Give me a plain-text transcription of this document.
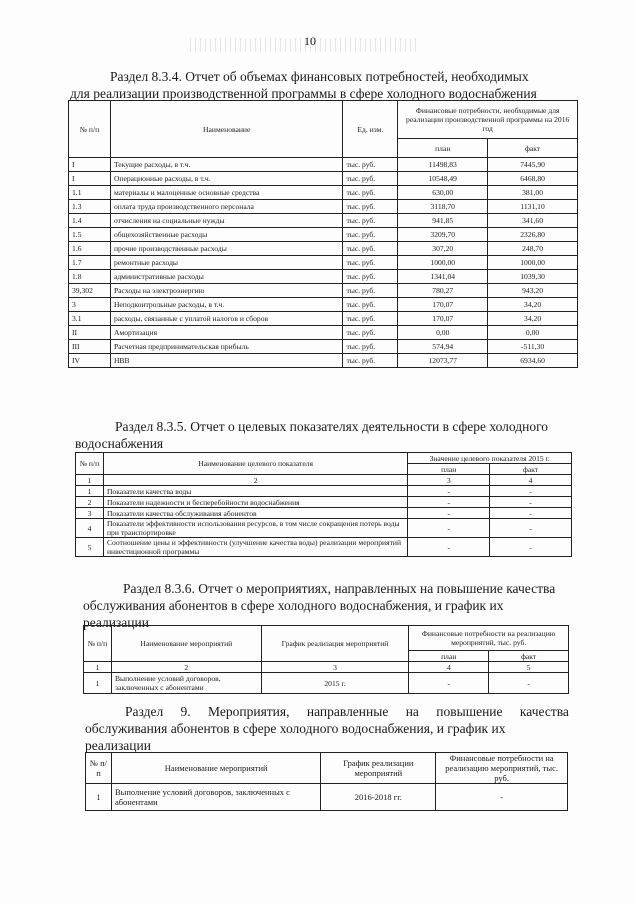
10
Раздел 8.3.4. Отчет об объемах финансовых потребностей, необходимых
для реализации производственной программы в сфере холодного водоснабжения
№ п/п	Наименование	Ед. изм.	Финансовые потребности, необходимые для реализации производственной программы на 2016 год	
			план	факт
I	Текущие расходы, в т.ч.	тыс. руб.	11498,83	7445,90
I	Операционные расходы, в т.ч.	тыс. руб.	10548,49	6468,80
1.1	материалы и малоценные основные средства	тыс. руб.	630,00	381,00
1.3	оплата труда производственного персонала	тыс. руб.	3118,70	1131,10
1.4	отчисления на социальные нужды	тыс. руб.	941,85	341,60
1.5	общехозяйственные расходы	тыс. руб.	3209,70	2326,80
1.6	прочие производственные расходы	тыс. руб.	307,20	248,70
1.7	ремонтные расходы	тыс. руб.	1000,00	1000,00
1.8	административные расходы	тыс. руб.	1341,04	1039,30
39,302	Расходы на электроэнергию	тыс. руб.	780,27	943,20
3	Неподконтрольные расходы, в т.ч.	тыс. руб.	170,07	34,20
3.1	расходы, связанные с уплатой налогов и сборов	тыс. руб.	170,07	34,20
II	Амортизация	тыс. руб.	0,00	0,00
III	Расчетная предпринимательская прибыль	тыс. руб.	574,94	-511,30
IV	НВВ	тыс. руб.	12073,77	6934,60
Раздел 8.3.5. Отчет о целевых показателях деятельности в сфере холодного
водоснабжения
№ п/п	Наименование целевого показателя	Значение целевого показателя 2015 г.	
		план	факт
1	2	3	4
1	Показатели качества воды	-	-
2	Показатели надежности и бесперебойности водоснабжения	-	-
3	Показатели качества обслуживания абонентов	-	-
4	Показатели эффективности использования ресурсов, в том числе сокращения потерь воды при транспортировке	-	-
5	Соотношение цены и эффективности (улучшение качества воды) реализации мероприятий инвестиционной программы	-	-
Раздел 8.3.6. Отчет о мероприятиях, направленных на повышение качества
обслуживания абонентов в сфере холодного водоснабжения, и график их
реализации
№ п/п	Наименование мероприятий	График реализация мероприятий	Финансовые потребности на реализацию мероприятий, тыс. руб.	
			план	факт
1	2	3	4	5
1	Выполнение условий договоров, заключенных с абонентами	2015 г.	-	-
Раздел 9. Мероприятия, направленные на повышение качества
обслуживания абонентов в сфере холодного водоснабжения, и график их
реализации
№ п/п	Наименование мероприятий	График реализации мероприятий	Финансовые потребности на реализацию мероприятий, тыс. руб.
1	Выполнение условий договоров, заключенных с абонентами	2016-2018 гг.	-
